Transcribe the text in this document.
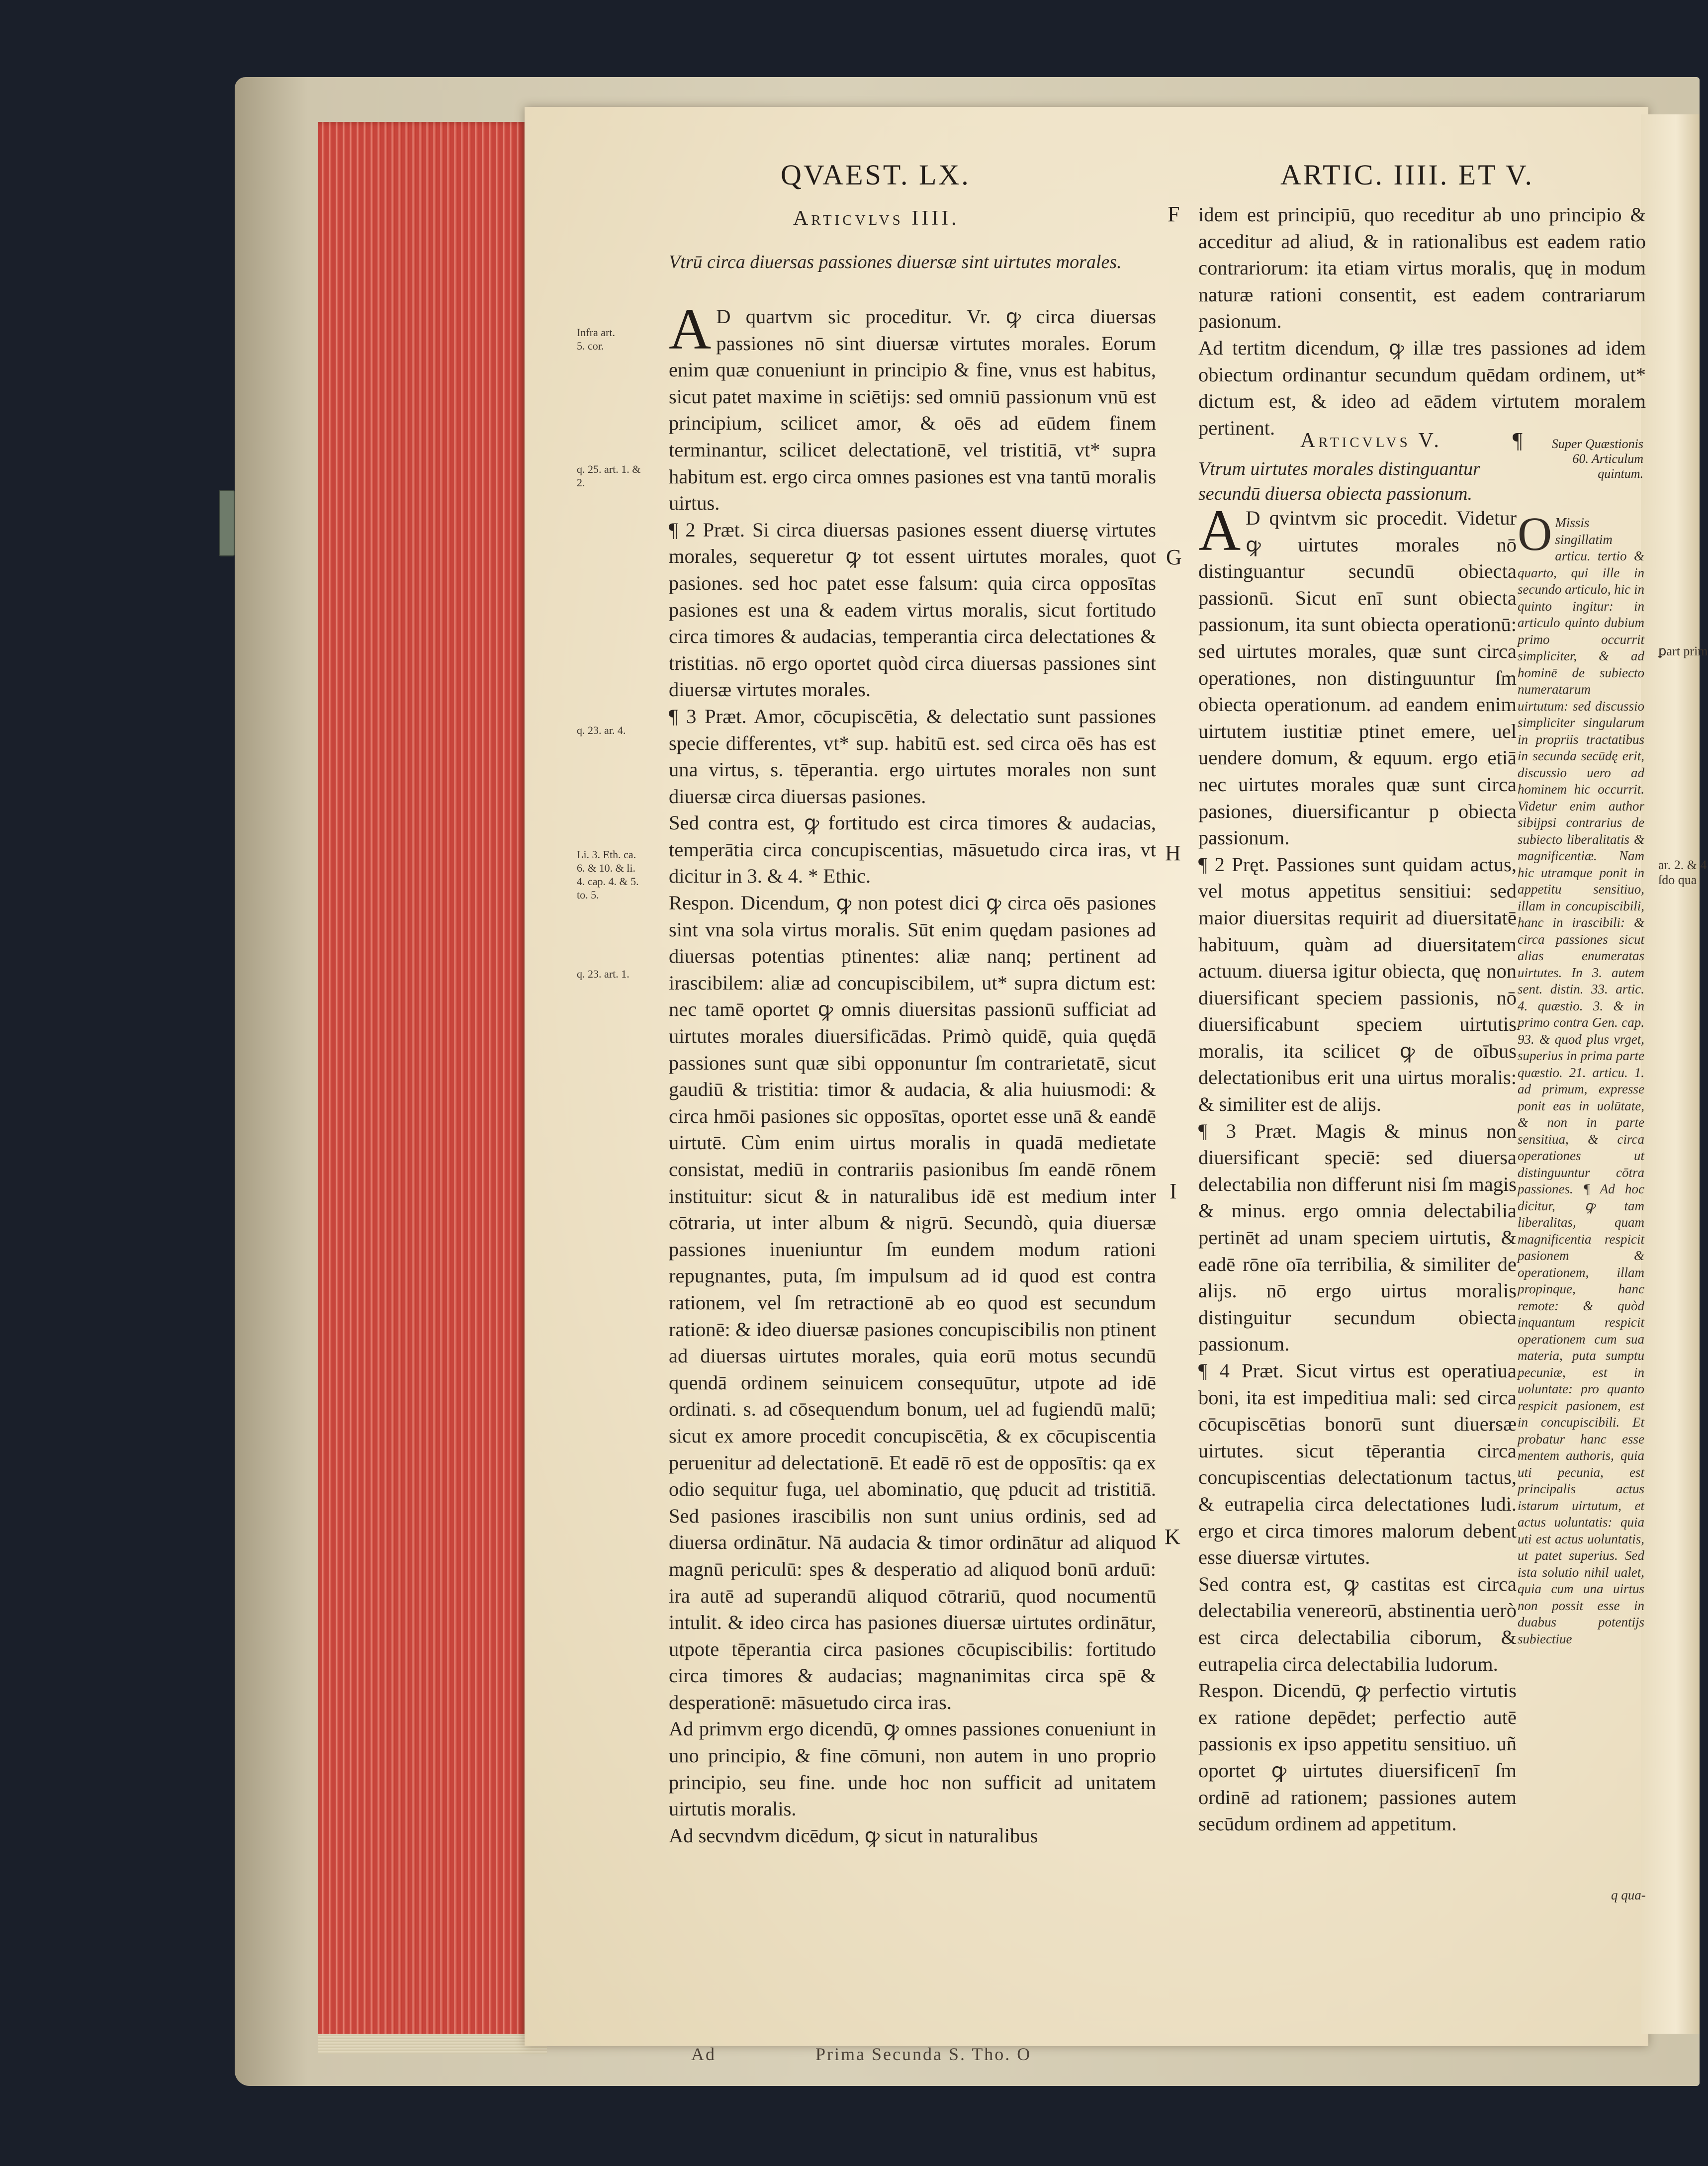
QVAEST. LX.	ARTIC. IIII. ET V.
Articvlvs IIII.
Vtrū circa diuersas passiones diuersæ sint uirtutes morales.
A D quartvm sic proceditur. Vr. ꝙ circa diuersas passiones nō sint diuersæ virtutes morales. Eorum enim quæ conueniunt in principio & fine, vnus est habitus, sicut patet maxime in sciētijs: sed omniū passionum vnū est principium, scilicet amor, & oēs ad eūdem finem terminantur, scilicet delectationē, vel tristitiā, vt* supra habitum est. ergo circa omnes pasiones est vna tantū moralis uirtus.

¶ 2 Præt. Si circa diuersas pasiones essent diuersę virtutes morales, sequeretur ꝙ tot essent uirtutes morales, quot pasiones. sed hoc patet esse falsum: quia circa opposītas pasiones est una & eadem virtus moralis, sicut fortitudo circa timores & audacias, temperantia circa delectationes & tristitias. nō ergo oportet quòd circa diuersas passiones sint diuersæ virtutes morales.

¶ 3 Præt. Amor, cōcupiscētia, & delectatio sunt passiones specie differentes, vt* sup. habitū est. sed circa oēs has est una virtus, s. tēperantia. ergo uirtutes morales non sunt diuersæ circa diuersas pasiones.

Sed contra est, ꝙ fortitudo est circa timores & audacias, temperātia circa concupiscentias, māsuetudo circa iras, vt dicitur in 3. & 4. * Ethic.

Respon. Dicendum, ꝙ non potest dici ꝙ circa oēs pasiones sint vna sola virtus moralis. Sūt enim quędam pasiones ad diuersas potentias ptinentes: aliæ nanq; pertinent ad irascibilem: aliæ ad concupiscibilem, ut* supra dictum est: nec tamē oportet ꝙ omnis diuersitas passionū sufficiat ad uirtutes morales diuersificādas. Primò quidē, quia quędā passiones sunt quæ sibi opponuntur ſm contrarietatē, sicut gaudiū & tristitia: timor & audacia, & alia huiusmodi: & circa hmōi pasiones sic opposītas, oportet esse unā & eandē uirtutē. Cùm enim uirtus moralis in quadā medietate consistat, mediū in contrariis pasionibus ſm eandē rōnem instituitur: sicut & in naturalibus idē est medium inter cōtraria, ut inter album & nigrū. Secundò, quia diuersæ passiones inueniuntur ſm eundem modum rationi repugnantes, puta, ſm impulsum ad id quod est contra rationem, vel ſm retractionē ab eo quod est secundum rationē: & ideo diuersæ pasiones concupiscibilis non ptinent ad diuersas uirtutes morales, quia eorū motus secundū quendā ordinem seinuicem consequūtur, utpote ad idē ordinati. s. ad cōsequendum bonum, uel ad fugiendū malū; sicut ex amore procedit concupiscētia, & ex cōcupiscentia peruenitur ad delectationē. Et eadē rō est de opposītis: qa ex odio sequitur fuga, uel abominatio, quę pducit ad tristitiā. Sed pasiones irascibilis non sunt unius ordinis, sed ad diuersa ordinātur. Nā audacia & timor ordinātur ad aliquod magnū periculū: spes & desperatio ad aliquod bonū arduū: ira autē ad superandū aliquod cōtrariū, quod nocumentū intulit. & ideo circa has pasiones diuersæ uirtutes ordinātur, utpote tēperantia circa pasiones cōcupiscibilis: fortitudo circa timores & audacias; magnanimitas circa spē & desperationē: māsuetudo circa iras.

Ad primvm ergo dicendū, ꝙ omnes passiones conueniunt in uno principio, & fine cōmuni, non autem in uno proprio principio, seu fine. unde hoc non sufficit ad unitatem uirtutis moralis.

Ad secvndvm dicēdum, ꝙ sicut in naturalibus

Ad	Prima Secunda S. Tho. O
Infra art. 5. cor.
q. 25. art. 1. & 2.
q. 23. ar. 4.
Li. 3. Eth. ca. 6. & 10. & li. 4. cap. 4. & 5. to. 5.
q. 23. art. 1.
F
G
H
I
K

idem est principiū, quo receditur ab uno principio & acceditur ad aliud, & in rationalibus est eadem ratio contrariorum: ita etiam virtus moralis, quę in modum naturæ rationi consentit, est eadem contrariarum pasionum.

Ad tertitm dicendum, ꝙ illæ tres passiones ad idem obiectum ordinantur secundum quēdam ordinem, ut* dictum est, & ideo ad eādem virtutem moralem pertinent.

Articvlvs V.
Vtrum uirtutes morales distinguantur secundū diuersa obiecta passionum.
A D qvintvm sic procedit. Videtur ꝙ uirtutes morales nō distinguantur secundū obiecta passionū. Sicut enī sunt obiecta passionum, ita sunt obiecta operationū: sed uirtutes morales, quæ sunt circa operationes, non distinguuntur ſm obiecta operationum. ad eandem enim uirtutem iustitiæ ptinet emere, uel uendere domum, & equum. ergo etiā nec uirtutes morales quæ sunt circa pasiones, diuersificantur p obiecta passionum.

¶ 2 Pręt. Passiones sunt quidam actus, vel motus appetitus sensitiui: sed maior diuersitas requirit ad diuersitatē habituum, quàm ad diuersitatem actuum. diuersa igitur obiecta, quę non diuersificant speciem passionis, nō diuersificabunt speciem uirtutis moralis, ita scilicet ꝙ de oībus delectationibus erit una uirtus moralis: & similiter est de alijs.

¶ 3 Præt. Magis & minus non diuersificant speciē: sed diuersa delectabilia non differunt nisi ſm magis & minus. ergo omnia delectabilia pertinēt ad unam speciem uirtutis, & eadē rōne oīa terribilia, & similiter de alijs. nō ergo uirtus moralis distinguitur secundum obiecta passionum.

¶ 4 Præt. Sicut virtus est operatiua boni, ita est impeditiua mali: sed circa cōcupiscētias bonorū sunt diuersæ uirtutes. sicut tēperantia circa concupiscentias delectationum tactus, & eutrapelia circa delectationes ludi. ergo et circa timores malorum debent esse diuersæ virtutes.

Sed contra est, ꝙ castitas est circa delectabilia venereorū, abstinentia uerò est circa delectabilia ciborum, & eutrapelia circa delectabilia ludorum.

Respon. Dicendū, ꝙ perfectio virtutis ex ratione depēdet; perfectio autē passionis ex ipso appetitu sensitiuo. uñ oportet ꝙ uirtutes diuersificenī ſm ordinē ad rationem; passiones autem secūdum ordinem ad appetitum.

¶	Super Quæstionis 60. Articulum quintum.
O Missis singillatim articu. tertio & quarto, qui ille in secundo articulo, hic in quinto ingitur: in articulo quinto dubium primo occurrit simpliciter, & ad hominē de subiecto numeratarum uirtutum: sed discussio simpliciter singularum in propriis tractatibus in secunda secūdę erit, discussio uero ad hominem hic occurrit. Videtur enim author sibijpsi contrarius de subiecto liberalitatis & magnificentiæ. Nam hic utramque ponit in appetitu sensitiuo, illam in concupiscibili, hanc in irascibili: & circa passiones sicut alias enumeratas uirtutes. In 3. autem sent. distin. 33. artic. 4. quæstio. 3. & in primo contra Gen. cap. 93. & quod plus vrget, superius in prima parte quæstio. 21. articu. 1. ad primum, expresse ponit eas in uolūtate, & non in parte sensitiua, & circa operationes ut distinguuntur cōtra passiones. ¶ Ad hoc dicitur, ꝙ tam liberalitas, quam magnificentia respicit pasionem & operationem, illam propinque, hanc remote: & quòd inquantum respicit operationem cum sua materia, puta sumptu pecuniæ, est in uoluntate: pro quanto respicit pasionem, est in concupiscibili. Et probatur hanc esse mentem authoris, quia uti pecunia, est principalis actus istarum uirtutum, et actus uoluntatis: quia uti est actus uoluntatis, ut patet superius. Sed ista solutio nihil ualet, quia cum una uirtus non possit esse in duabus potentijs subiectiue
q qua-
ꝑart prim
ar. 2. & 4
ſdo qua
